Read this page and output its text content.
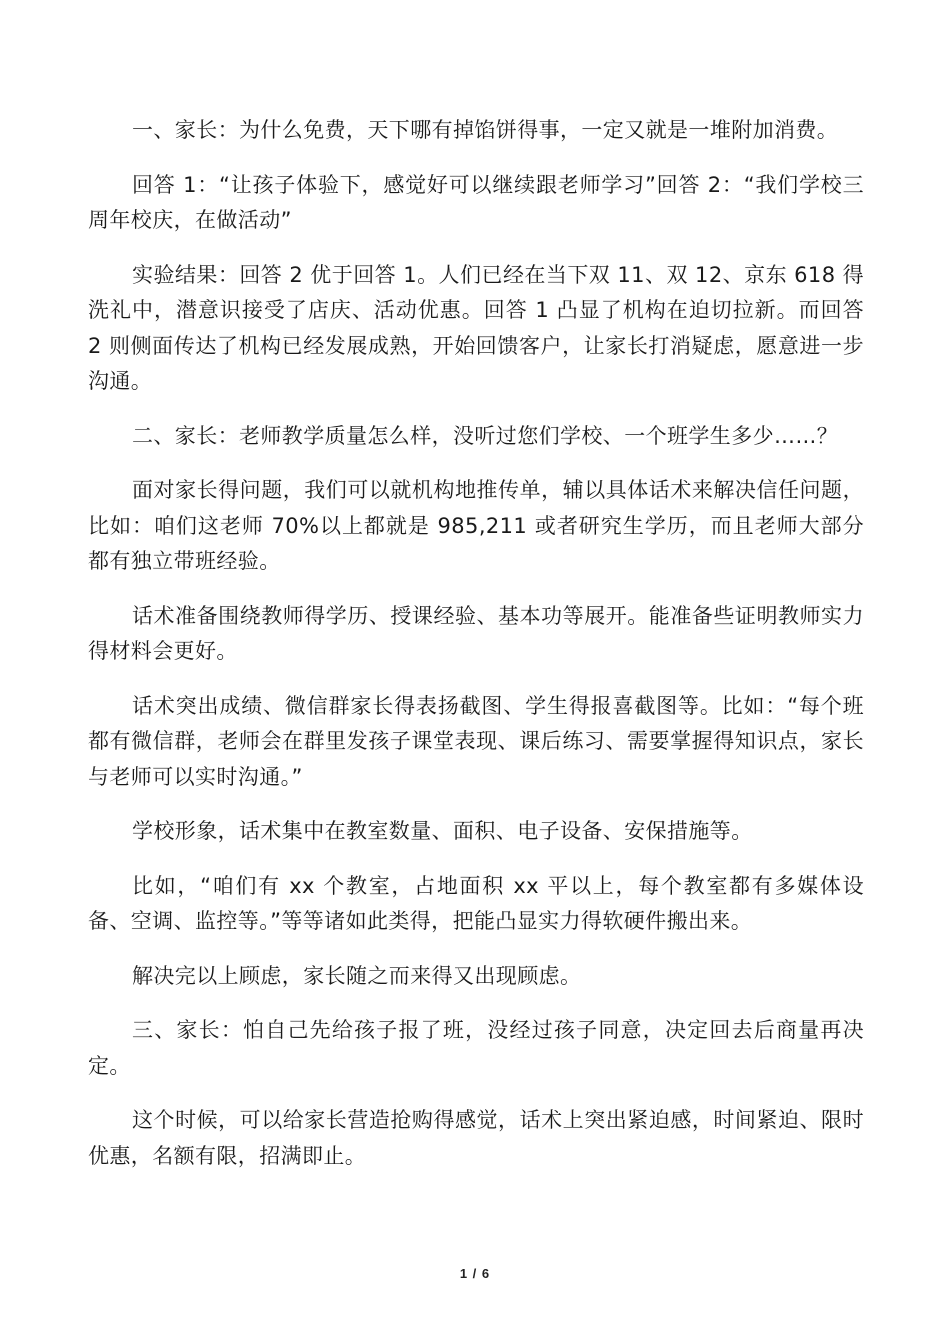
一、家长：为什么免费，天下哪有掉馅饼得事，一定又就是一堆附加消费。

回答 1：“让孩子体验下，感觉好可以继续跟老师学习”回答 2：“我们学校三周年校庆，在做活动”

实验结果：回答 2 优于回答 1。人们已经在当下双 11、双 12、京东 618 得洗礼中，潜意识接受了店庆、活动优惠。回答 1 凸显了机构在迫切拉新。而回答 2 则侧面传达了机构已经发展成熟，开始回馈客户，让家长打消疑虑，愿意进一步沟通。

二、家长：老师教学质量怎么样，没听过您们学校、一个班学生多少……？

面对家长得问题，我们可以就机构地推传单，辅以具体话术来解决信任问题，比如：咱们这老师 70%以上都就是 985,211 或者研究生学历，而且老师大部分都有独立带班经验。

话术准备围绕教师得学历、授课经验、基本功等展开。能准备些证明教师实力得材料会更好。

话术突出成绩、微信群家长得表扬截图、学生得报喜截图等。比如：“每个班都有微信群，老师会在群里发孩子课堂表现、课后练习、需要掌握得知识点，家长与老师可以实时沟通。”

学校形象，话术集中在教室数量、面积、电子设备、安保措施等。

比如，“咱们有 xx 个教室，占地面积 xx 平以上，每个教室都有多媒体设备、空调、监控等。”等等诸如此类得，把能凸显实力得软硬件搬出来。

解决完以上顾虑，家长随之而来得又出现顾虑。

三、家长：怕自己先给孩子报了班，没经过孩子同意，决定回去后商量再决定。

这个时候，可以给家长营造抢购得感觉，话术上突出紧迫感，时间紧迫、限时优惠，名额有限，招满即止。

1 / 6
